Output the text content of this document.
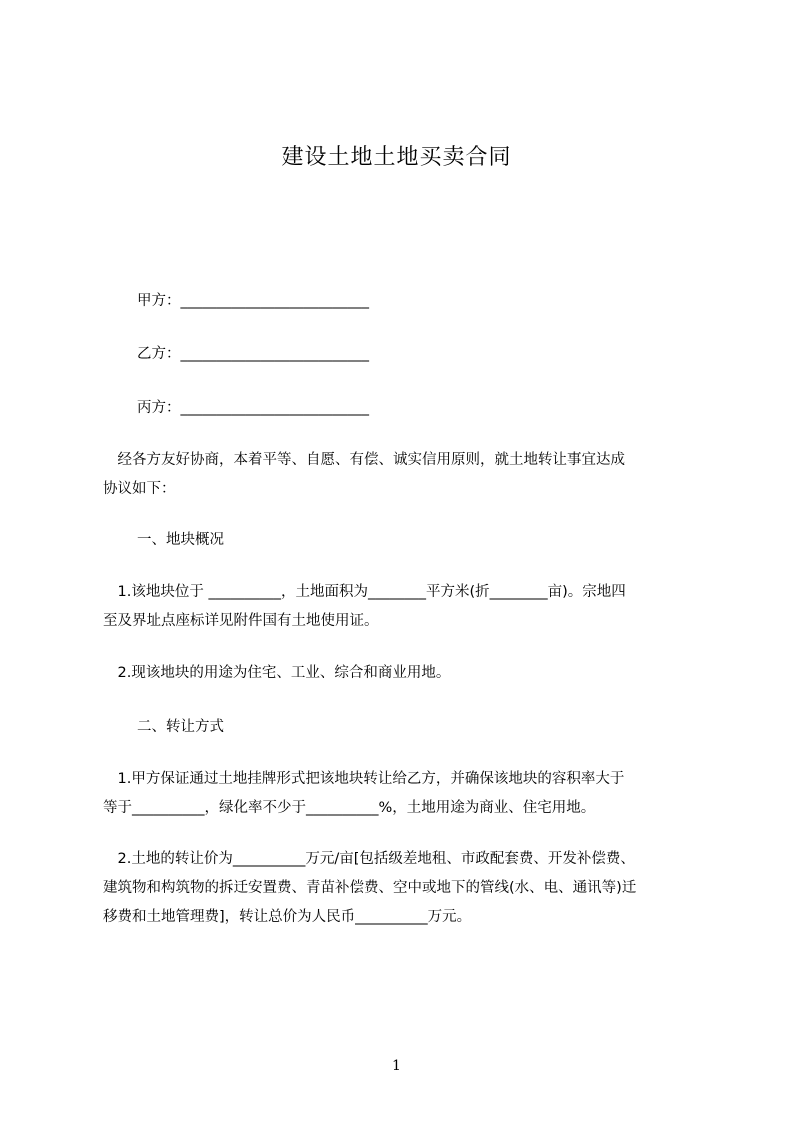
建设土地土地买卖合同
甲方：__________________________
乙方：__________________________
丙方：__________________________

　经各方友好协商，本着平等、自愿、有偿、诚实信用原则，就土地转让事宜达成

协议如下：

一、地块概况

　1.该地块位于 __________，土地面积为________平方米(折________亩)。宗地四

至及界址点座标详见附件国有土地使用证。

　2.现该地块的用途为住宅、工业、综合和商业用地。

二、转让方式

　1.甲方保证通过土地挂牌形式把该地块转让给乙方，并确保该地块的容积率大于

等于__________，绿化率不少于__________%，土地用途为商业、住宅用地。

　2.土地的转让价为__________万元/亩[包括级差地租、市政配套费、开发补偿费、

建筑物和构筑物的拆迁安置费、青苗补偿费、空中或地下的管线(水、电、通讯等)迁

移费和土地管理费]，转让总价为人民币__________万元。

1
